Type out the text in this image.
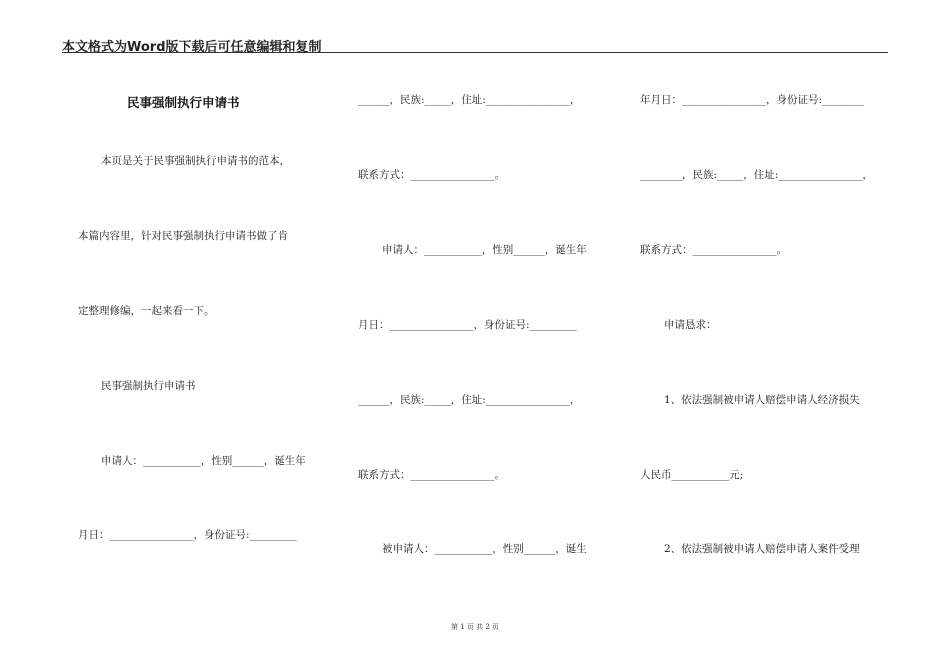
本文格式为Word版下载后可任意编辑和复制
民事强制执行申请书
本页是关于民事强制执行申请书的范本，
本篇内容里，针对民事强制执行申请书做了肯
定整理修编，一起来看一下。
民事强制执行申请书
申请人：___________，性别______，诞生年
月日：________________，身份证号:_________
______，民族:_____，住址:________________，
联系方式：________________。
申请人：___________，性别______，诞生年
月日：________________，身份证号:_________
______，民族:_____，住址:________________，
联系方式：________________。
被申请人：___________，性别______，诞生
年月日：________________，身份证号:________
________，民族:_____，住址:________________，
联系方式：________________。
申请恳求：
1、依法强制被申请人赔偿申请人经济损失
人民币___________元;
2、依法强制被申请人赔偿申请人案件受理
第 1 页 共 2 页
